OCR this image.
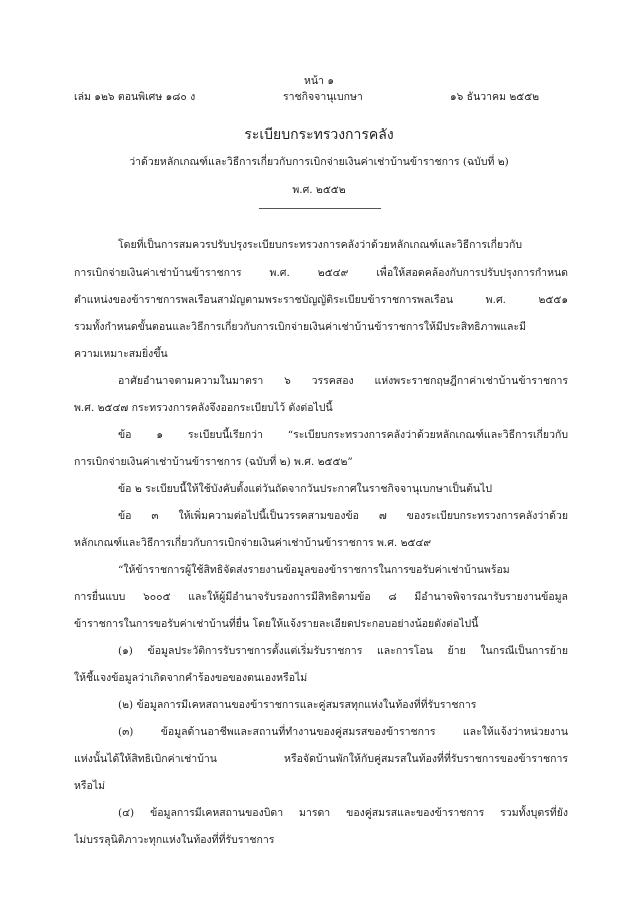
หน้า ๑
เล่ม ๑๒๖ ตอนพิเศษ ๑๘๐ ง	ราชกิจจานุเบกษา	๑๖ ธันวาคม ๒๕๕๒
ระเบียบกระทรวงการคลัง
ว่าด้วยหลักเกณฑ์และวิธีการเกี่ยวกับการเบิกจ่ายเงินค่าเช่าบ้านข้าราชการ (ฉบับที่ ๒)
พ.ศ. ๒๕๕๒
โดยที่เป็นการสมควรปรับปรุงระเบียบกระทรวงการคลังว่าด้วยหลักเกณฑ์และวิธีการเกี่ยวกับ
การเบิกจ่ายเงินค่าเช่าบ้านข้าราชการ พ.ศ. ๒๕๔๙ เพื่อให้สอดคล้องกับการปรับปรุงการกำหนด
ตำแหน่งของข้าราชการพลเรือนสามัญตามพระราชบัญญัติระเบียบข้าราชการพลเรือน พ.ศ. ๒๕๕๑
รวมทั้งกำหนดขั้นตอนและวิธีการเกี่ยวกับการเบิกจ่ายเงินค่าเช่าบ้านข้าราชการให้มีประสิทธิภาพและมี
ความเหมาะสมยิ่งขึ้น
อาศัยอำนาจตามความในมาตรา ๖ วรรคสอง แห่งพระราชกฤษฎีกาค่าเช่าบ้านข้าราชการ
พ.ศ. ๒๕๔๗ กระทรวงการคลังจึงออกระเบียบไว้ ดังต่อไปนี้
ข้อ ๑ ระเบียบนี้เรียกว่า “ระเบียบกระทรวงการคลังว่าด้วยหลักเกณฑ์และวิธีการเกี่ยวกับ
การเบิกจ่ายเงินค่าเช่าบ้านข้าราชการ (ฉบับที่ ๒) พ.ศ. ๒๕๕๒”
ข้อ ๒ ระเบียบนี้ให้ใช้บังคับตั้งแต่วันถัดจากวันประกาศในราชกิจจานุเบกษาเป็นต้นไป
ข้อ ๓ ให้เพิ่มความต่อไปนี้เป็นวรรคสามของข้อ ๗ ของระเบียบกระทรวงการคลังว่าด้วย
หลักเกณฑ์และวิธีการเกี่ยวกับการเบิกจ่ายเงินค่าเช่าบ้านข้าราชการ พ.ศ. ๒๕๔๙
“ให้ข้าราชการผู้ใช้สิทธิจัดส่งรายงานข้อมูลของข้าราชการในการขอรับค่าเช่าบ้านพร้อม
การยื่นแบบ ๖๐๐๕ และให้ผู้มีอำนาจรับรองการมีสิทธิตามข้อ ๘ มีอำนาจพิจารณารับรายงานข้อมูล
ข้าราชการในการขอรับค่าเช่าบ้านที่ยื่น โดยให้แจ้งรายละเอียดประกอบอย่างน้อยดังต่อไปนี้
(๑) ข้อมูลประวัติการรับราชการตั้งแต่เริ่มรับราชการ และการโอน ย้าย ในกรณีเป็นการย้าย
ให้ชี้แจงข้อมูลว่าเกิดจากคำร้องขอของตนเองหรือไม่
(๒) ข้อมูลการมีเคหสถานของข้าราชการและคู่สมรสทุกแห่งในท้องที่ที่รับราชการ
(๓) ข้อมูลด้านอาชีพและสถานที่ทำงานของคู่สมรสของข้าราชการ และให้แจ้งว่าหน่วยงาน
แห่งนั้นได้ให้สิทธิเบิกค่าเช่าบ้าน หรือจัดบ้านพักให้กับคู่สมรสในท้องที่ที่รับราชการของข้าราชการ
หรือไม่
(๔) ข้อมูลการมีเคหสถานของบิดา มารดา ของคู่สมรสและของข้าราชการ รวมทั้งบุตรที่ยัง
ไม่บรรลุนิติภาวะทุกแห่งในท้องที่ที่รับราชการ
